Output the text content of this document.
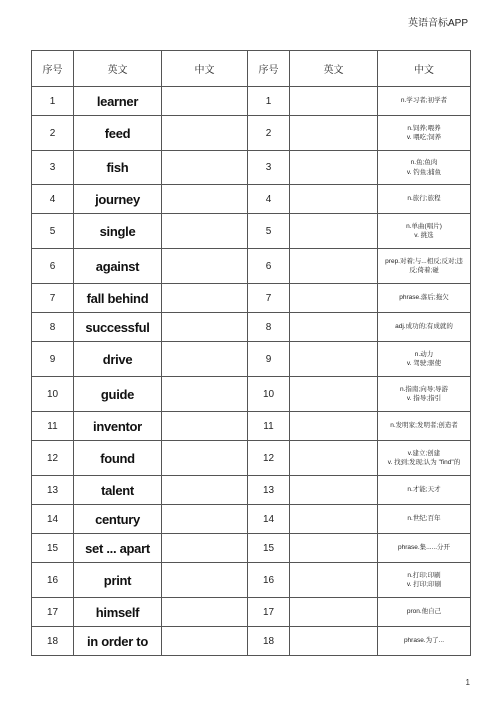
英语音标APP
序号	英文	中文	序号	英文	中文
1	learner		1		n.学习者;初学者

2	feed		2		n.饲养;喂养
v. 喂吃;饲养

3	fish		3		n.鱼;鱼肉
v. 钓鱼;捕鱼

4	journey		4		n.旅行;旅程

5	single		5		n.单曲(唱片)
v. 挑选

6	against		6		prep.对着;与...相反;反对;违
反;倚着;碰

7	fall behind		7		phrase.落后;拖欠

8	successful		8		adj.成功的;有成就的

9	drive		9		n.动力
v. 驾驶;驱使

10	guide		10		n.指南;向导;导游
v. 指导;指引

11	inventor		11		n.发明家;发明者;创造者

12	found		12		v.建立;创建
v. 找到;发现;认为 "find"的

13	talent		13		n.才能;天才

14	century		14		n.世纪;百年

15	set ... apart		15		phrase.集......分开

16	print		16		n.打印;印刷
v. 打印;印刷

17	himself		17		pron.他自己

18	in order to		18		phrase.为了...
1
